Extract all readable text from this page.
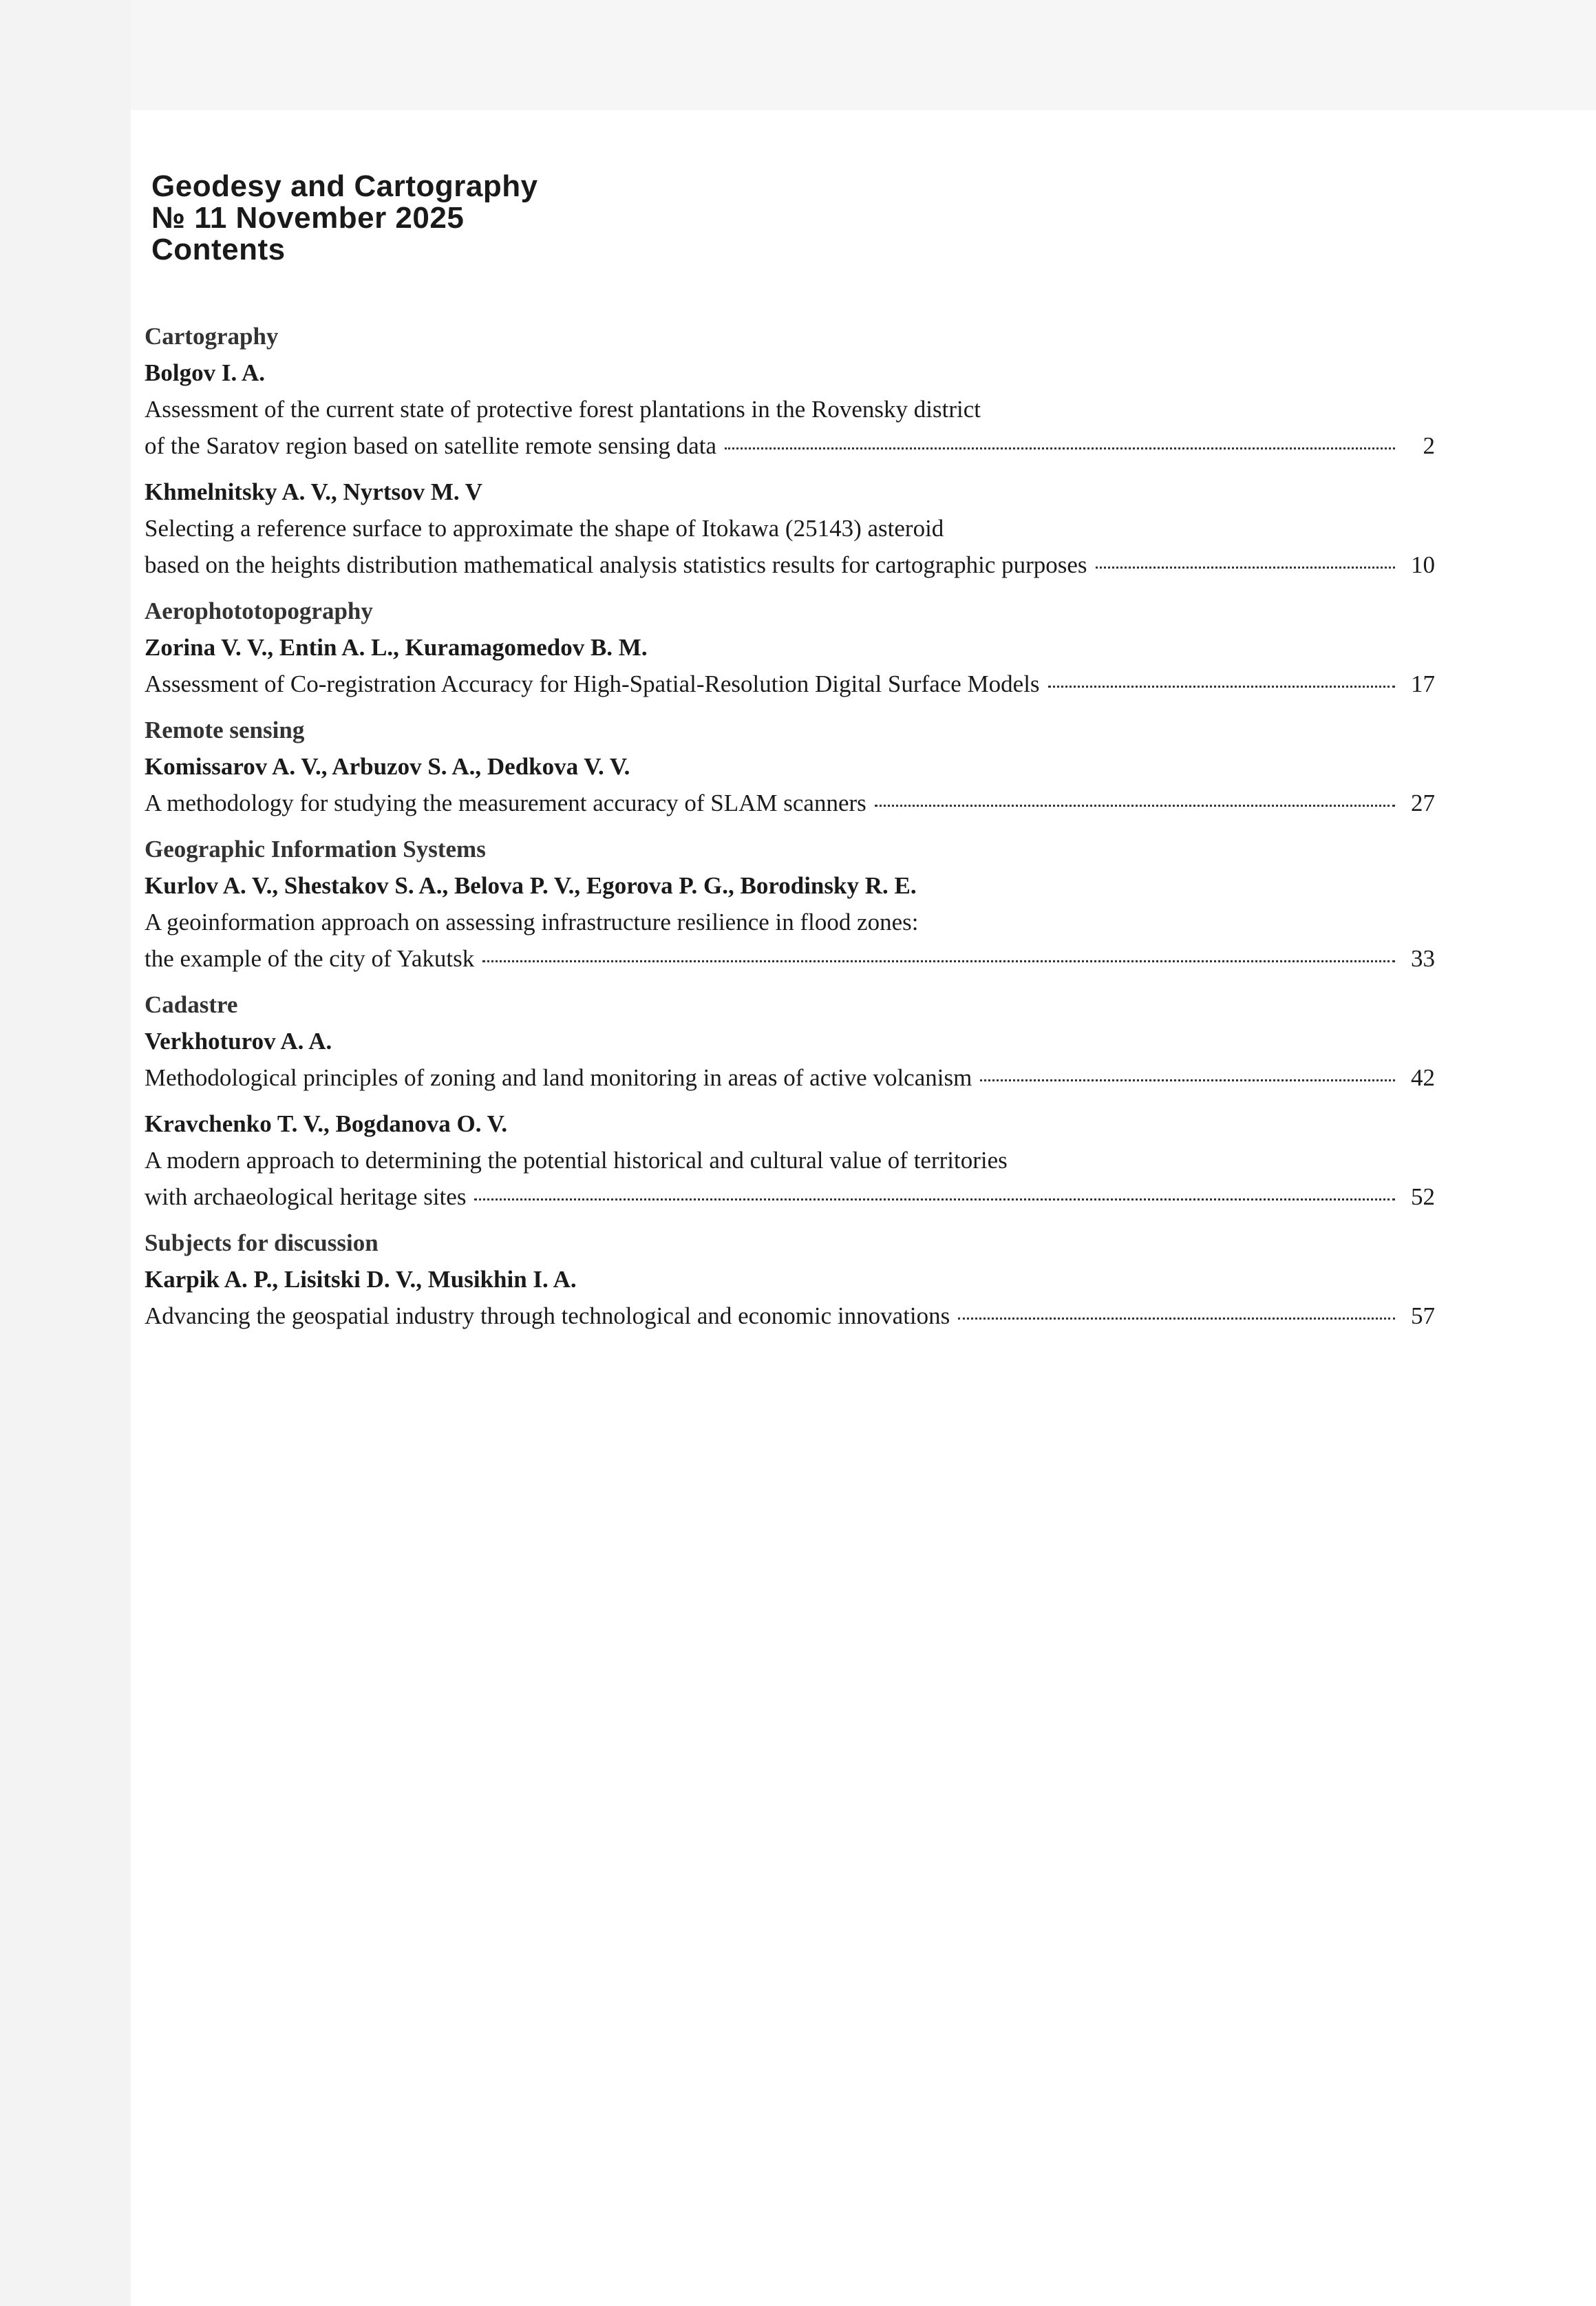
Geodesy and Cartography
№ 11 November 2025
Contents
Cartography
Bolgov I. A.
Assessment of the current state of protective forest plantations in the Rovensky district
of the Saratov region based on satellite remote sensing data	2
Khmelnitsky A. V., Nyrtsov M. V
Selecting a reference surface to approximate the shape of Itokawa (25143) asteroid
based on the heights distribution mathematical analysis statistics results for cartographic purposes	10
Aerophototopography
Zorina V. V., Entin A. L., Kuramagomedov B. M.
Assessment of Co-registration Accuracy for High-Spatial-Resolution Digital Surface Models	17
Remote sensing
Komissarov A. V., Arbuzov S. A., Dedkova V. V.
A methodology for studying the measurement accuracy of SLAM scanners	27
Geographic Information Systems
Kurlov A. V., Shestakov S. A., Belova P. V., Egorova P. G., Borodinsky R. E.
A geoinformation approach on assessing infrastructure resilience in flood zones:
the example of the city of Yakutsk	33
Cadastre
Verkhoturov A. A.
Methodological principles of zoning and land monitoring in areas of active volcanism	42
Kravchenko T. V., Bogdanova O. V.
A modern approach to determining the potential historical and cultural value of territories
with archaeological heritage sites	52
Subjects for discussion
Karpik A. P., Lisitski D. V., Musikhin I. A.
Advancing the geospatial industry through technological and economic innovations	57
